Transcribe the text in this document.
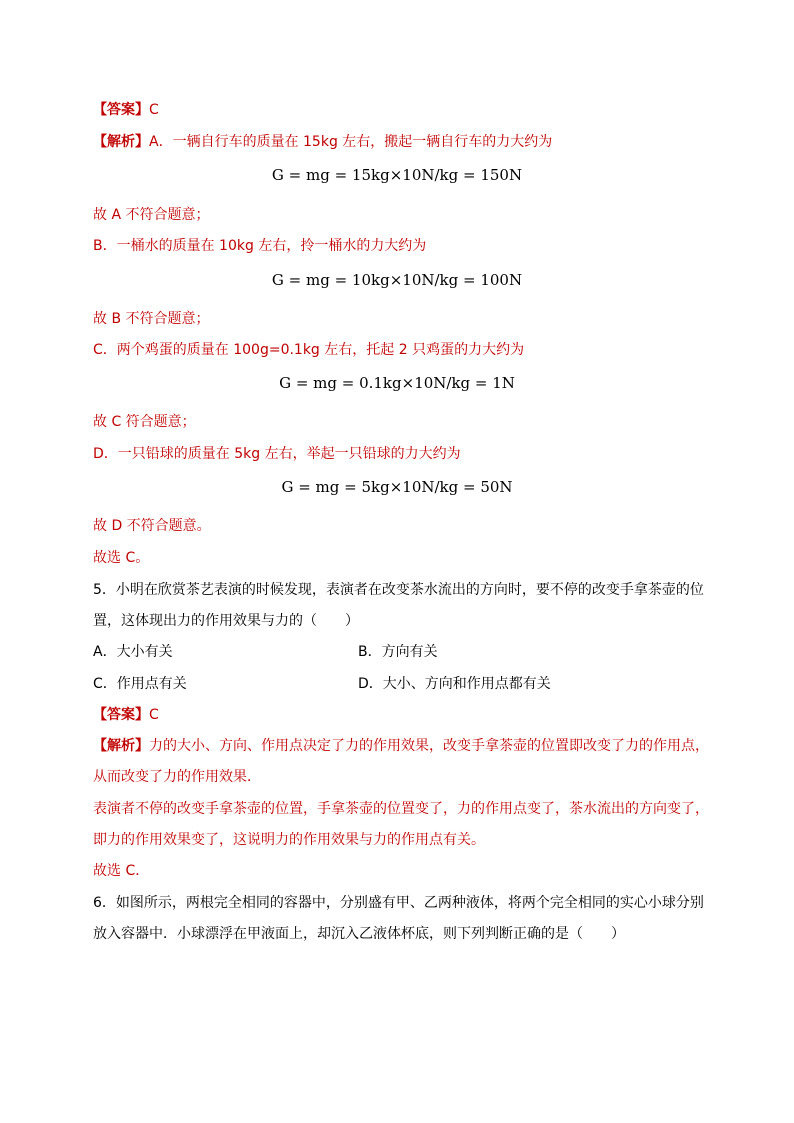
【答案】C
【解析】A．一辆自行车的质量在 15kg 左右，搬起一辆自行车的力大约为
G = mg = 15kg×10N/kg = 150N
故 A 不符合题意；
B．一桶水的质量在 10kg 左右，拎一桶水的力大约为
G = mg = 10kg×10N/kg = 100N
故 B 不符合题意；
C．两个鸡蛋的质量在 100g=0.1kg 左右，托起 2 只鸡蛋的力大约为
G = mg = 0.1kg×10N/kg = 1N
故 C 符合题意；
D．一只铅球的质量在 5kg 左右，举起一只铅球的力大约为
G = mg = 5kg×10N/kg = 50N
故 D 不符合题意。
故选 C。
5．小明在欣赏茶艺表演的时候发现，表演者在改变茶水流出的方向时，要不停的改变手拿茶壶的位
置，这体现出力的作用效果与力的（　　）
A．大小有关	B．方向有关
C．作用点有关	D．大小、方向和作用点都有关
【答案】C
【解析】力的大小、方向、作用点决定了力的作用效果，改变手拿茶壶的位置即改变了力的作用点，
从而改变了力的作用效果．
表演者不停的改变手拿茶壶的位置，手拿茶壶的位置变了，力的作用点变了，茶水流出的方向变了，
即力的作用效果变了，这说明力的作用效果与力的作用点有关。
故选 C．
6．如图所示，两根完全相同的容器中，分别盛有甲、乙两种液体，将两个完全相同的实心小球分别
放入容器中．小球漂浮在甲液面上，却沉入乙液体杯底，则下列判断正确的是（　　）
